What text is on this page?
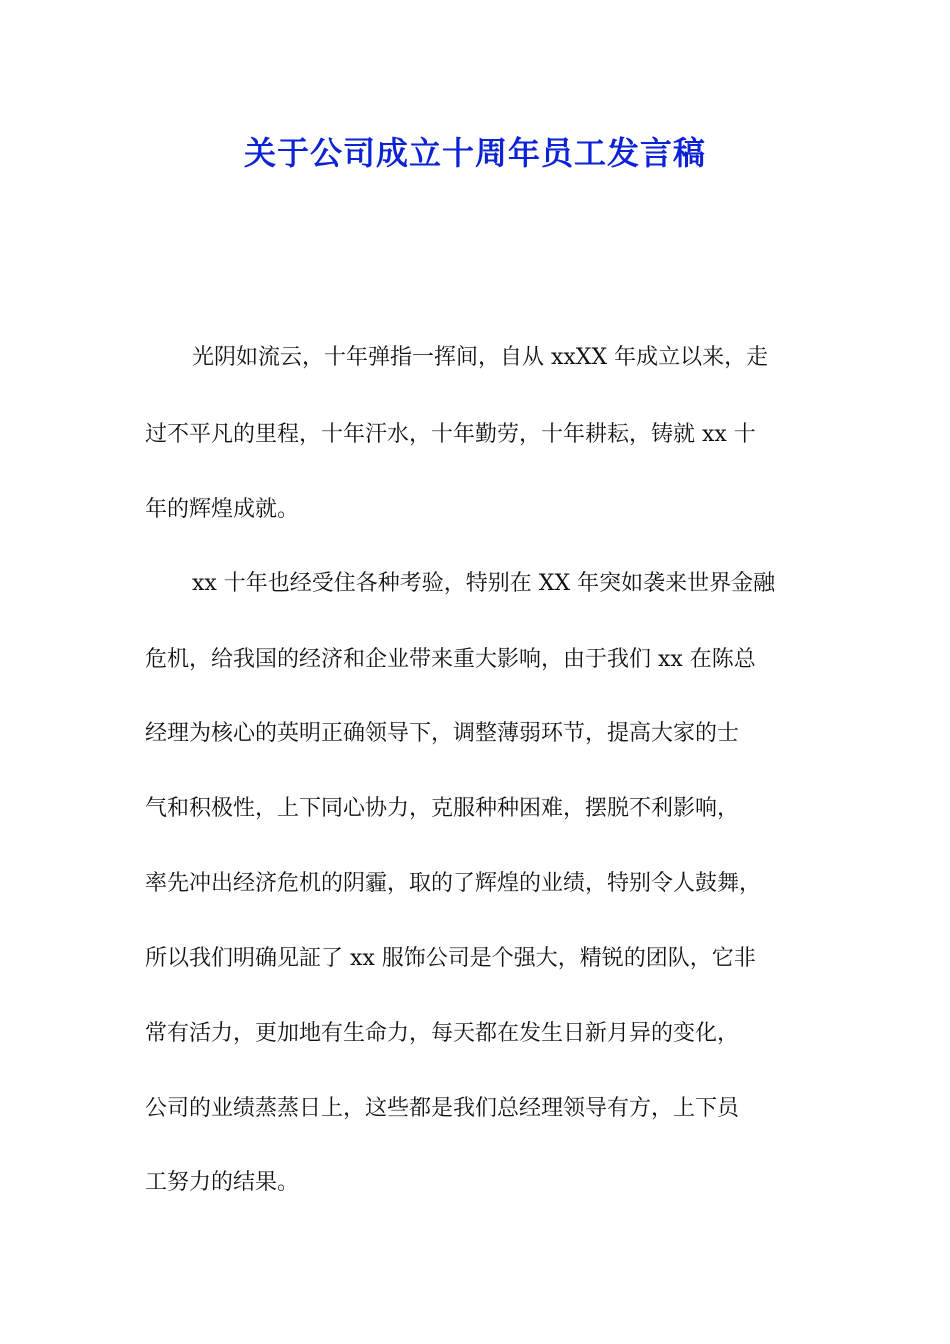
关于公司成立十周年员工发言稿
光阴如流云，十年弹指一挥间，自从 xxXX 年成立以来，走
过不平凡的里程，十年汗水，十年勤劳，十年耕耘，铸就 xx 十
年的辉煌成就。
xx 十年也经受住各种考验，特别在 XX 年突如袭来世界金融
危机，给我国的经济和企业带来重大影响，由于我们 xx 在陈总
经理为核心的英明正确领导下，调整薄弱环节，提高大家的士
气和积极性，上下同心协力，克服种种困难，摆脱不利影响，
率先冲出经济危机的阴霾，取的了辉煌的业绩，特别令人鼓舞，
所以我们明确见証了 xx 服饰公司是个强大，精锐的团队，它非
常有活力，更加地有生命力，每天都在发生日新月异的变化，
公司的业绩蒸蒸日上，这些都是我们总经理领导有方，上下员
工努力的结果。
